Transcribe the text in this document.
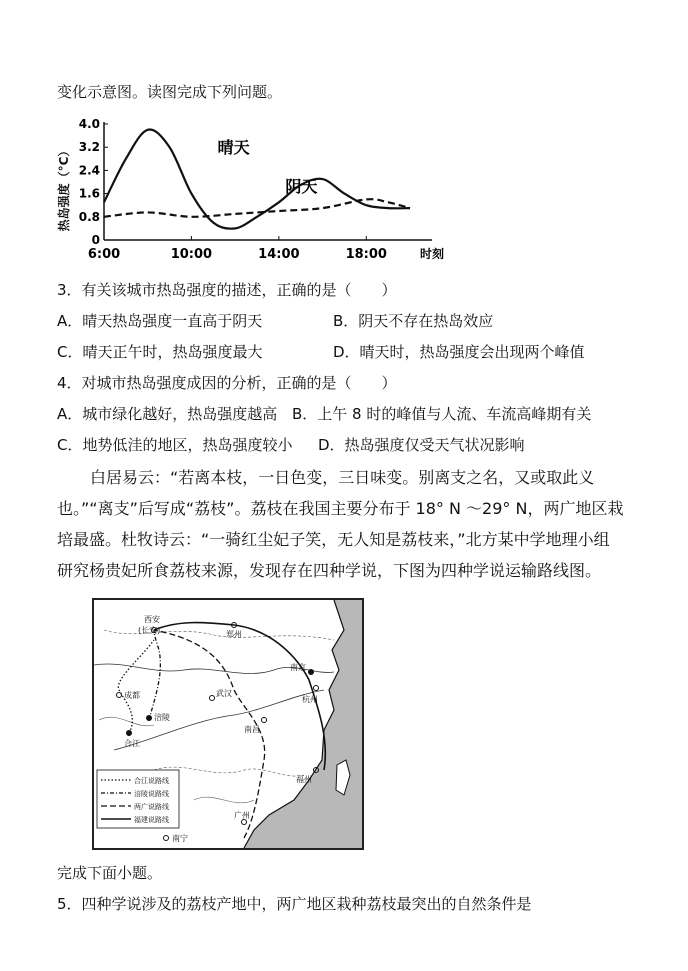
变化示意图。读图完成下列问题。
热岛强度（°C）
4.0
3.2
2.4
1.6
0.8
0
6:00	10:00	14:00	18:00	时刻
晴天
阴天
3．有关该城市热岛强度的描述，正确的是（　　）
A．晴天热岛强度一直高于阴天	B．阴天不存在热岛效应
C．晴天正午时，热岛强度最大	D．晴天时，热岛强度会出现两个峰值
4．对城市热岛强度成因的分析，正确的是（　　）
A．城市绿化越好，热岛强度越高 B．上午 8 时的峰值与人流、车流高峰期有关
C．地势低洼的地区，热岛强度较小 D．热岛强度仅受天气状况影响
白居易云：“若离本枝，一日色变，三日味变。别离支之名，又或取此义
也。”“离支”后写成“荔枝”。荔枝在我国主要分布于 18° N ～29° N，两广地区栽
培最盛。杜牧诗云：“一骑红尘妃子笑，无人知是荔枝来，”北方某中学地理小组
研究杨贵妃所食荔枝来源，发现存在四种学说，下图为四种学说运输路线图。
西安
(长安)	郑州
成都
涪陵
合江
武汉
南京
杭州
南昌
福州
广州
南宁
合江说路线
涪陵说路线
两广说路线
福建说路线
完成下面小题。
5．四种学说涉及的荔枝产地中，两广地区栽种荔枝最突出的自然条件是
